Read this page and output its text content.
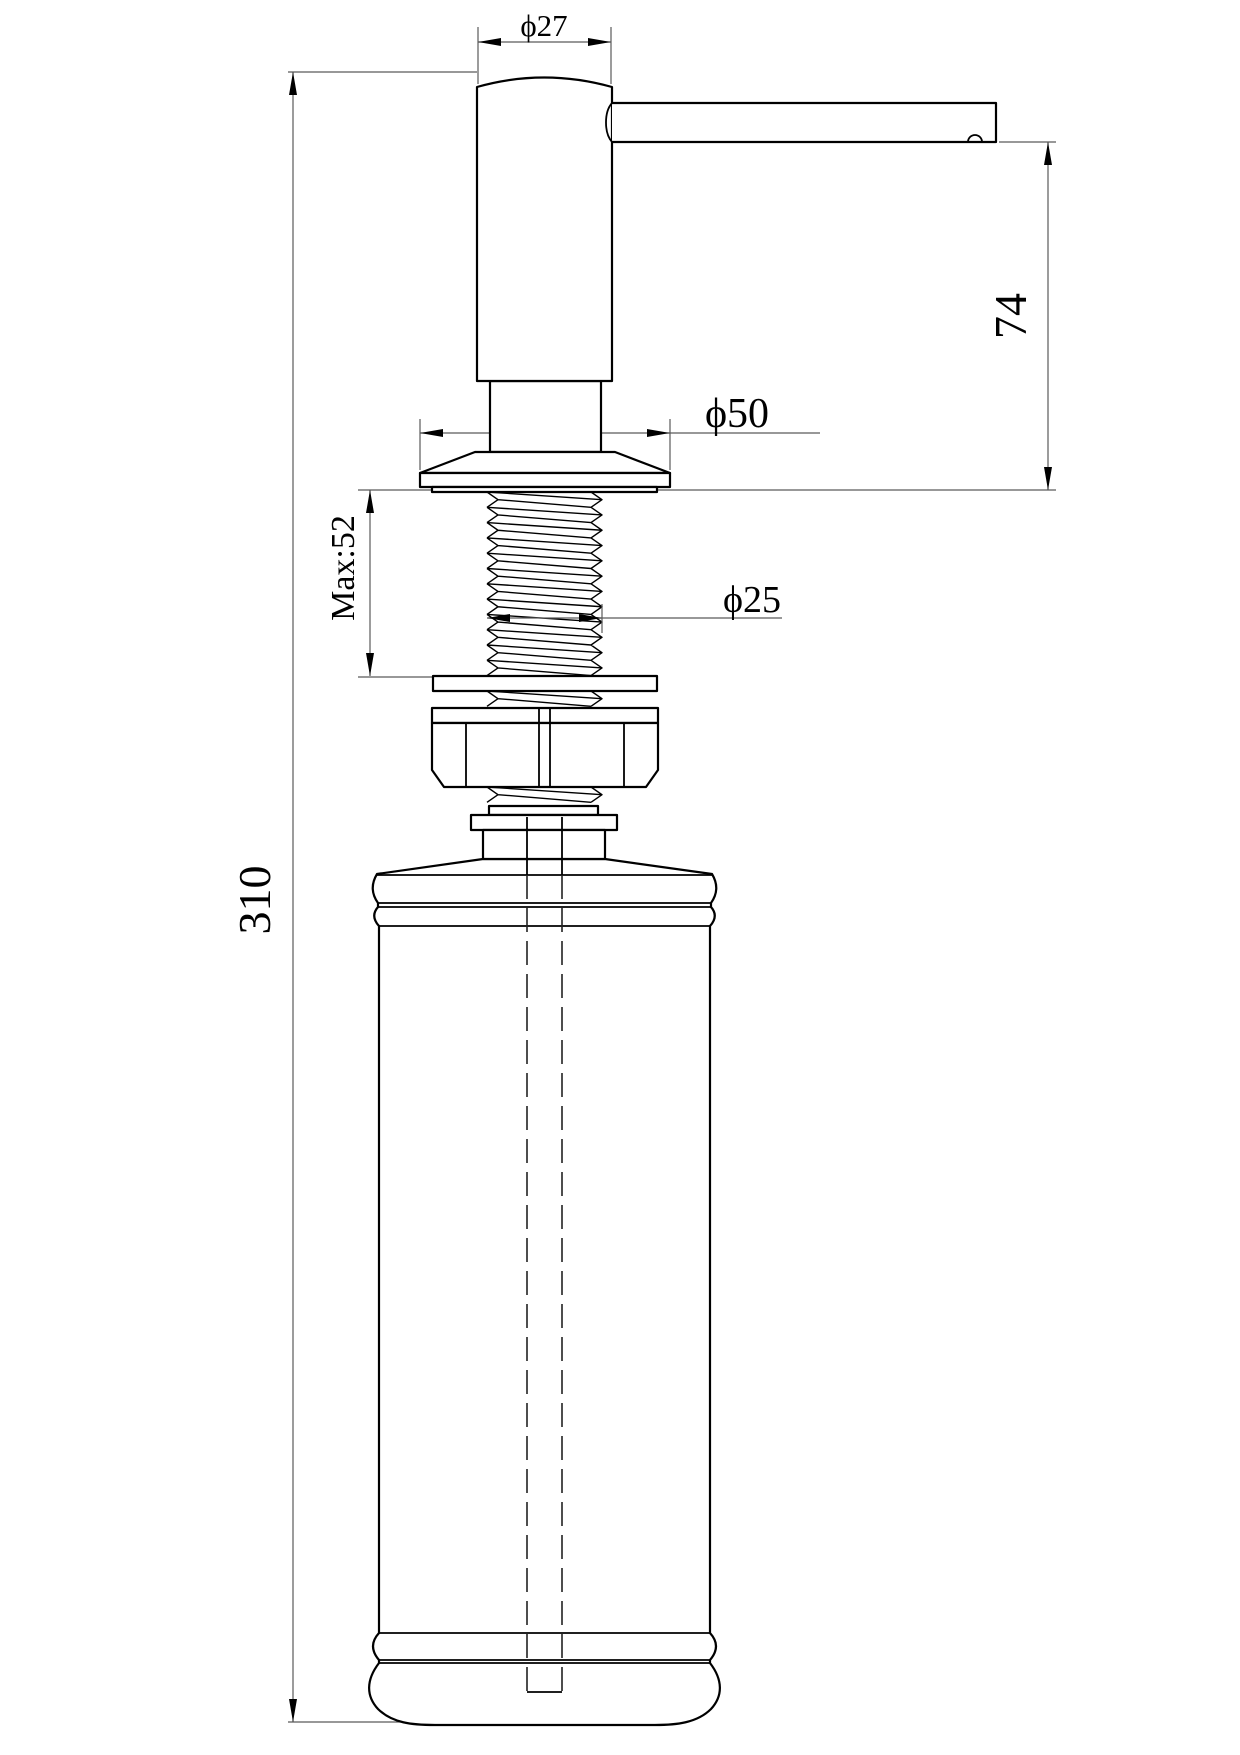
ϕ27
ϕ50
ϕ25
Max:52
74
310
